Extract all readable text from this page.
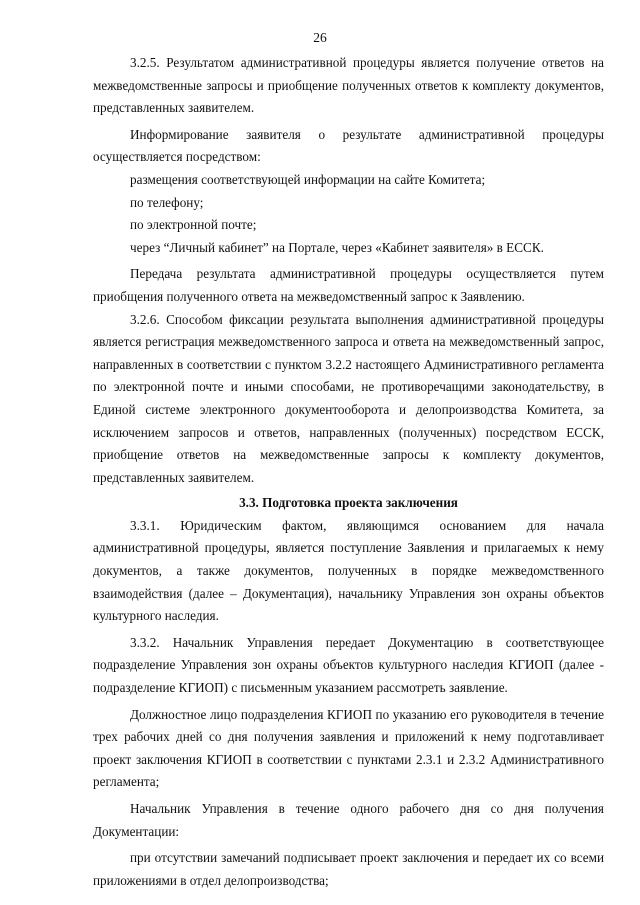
26

3.2.5. Результатом административной процедуры является получение ответов на межведомственные запросы и приобщение полученных ответов к комплекту документов, представленных заявителем.

Информирование заявителя о результате административной процедуры осуществляется посредством:

размещения соответствующей информации на сайте Комитета;

по телефону;

по электронной почте;

через “Личный кабинет” на Портале, через «Кабинет заявителя» в ЕССК.

Передача результата административной процедуры осуществляется путем приобщения полученного ответа на межведомственный запрос к Заявлению.

3.2.6. Способом фиксации результата выполнения административной процедуры является регистрация межведомственного запроса и ответа на межведомственный запрос, направленных в соответствии с пунктом 3.2.2 настоящего Административного регламента по электронной почте и иными способами, не противоречащими законодательству, в Единой системе электронного документооборота и делопроизводства Комитета, за исключением запросов и ответов, направленных (полученных) посредством ЕССК, приобщение ответов на межведомственные запросы к комплекту документов, представленных заявителем.

3.3. Подготовка проекта заключения

3.3.1. Юридическим фактом, являющимся основанием для начала административной процедуры, является поступление Заявления и прилагаемых к нему документов, а также документов, полученных в порядке межведомственного взаимодействия (далее – Документация), начальнику Управления зон охраны объектов культурного наследия.

3.3.2. Начальник Управления передает Документацию в соответствующее подразделение Управления зон охраны объектов культурного наследия КГИОП (далее - подразделение КГИОП) с письменным указанием рассмотреть заявление.

Должностное лицо подразделения КГИОП по указанию его руководителя в течение трех рабочих дней со дня получения заявления и приложений к нему подготавливает проект заключения КГИОП в соответствии с пунктами 2.3.1 и 2.3.2 Административного регламента;

Начальник Управления в течение одного рабочего дня со дня получения Документации:

при отсутствии замечаний подписывает проект заключения и передает их со всеми приложениями в отдел делопроизводства;
